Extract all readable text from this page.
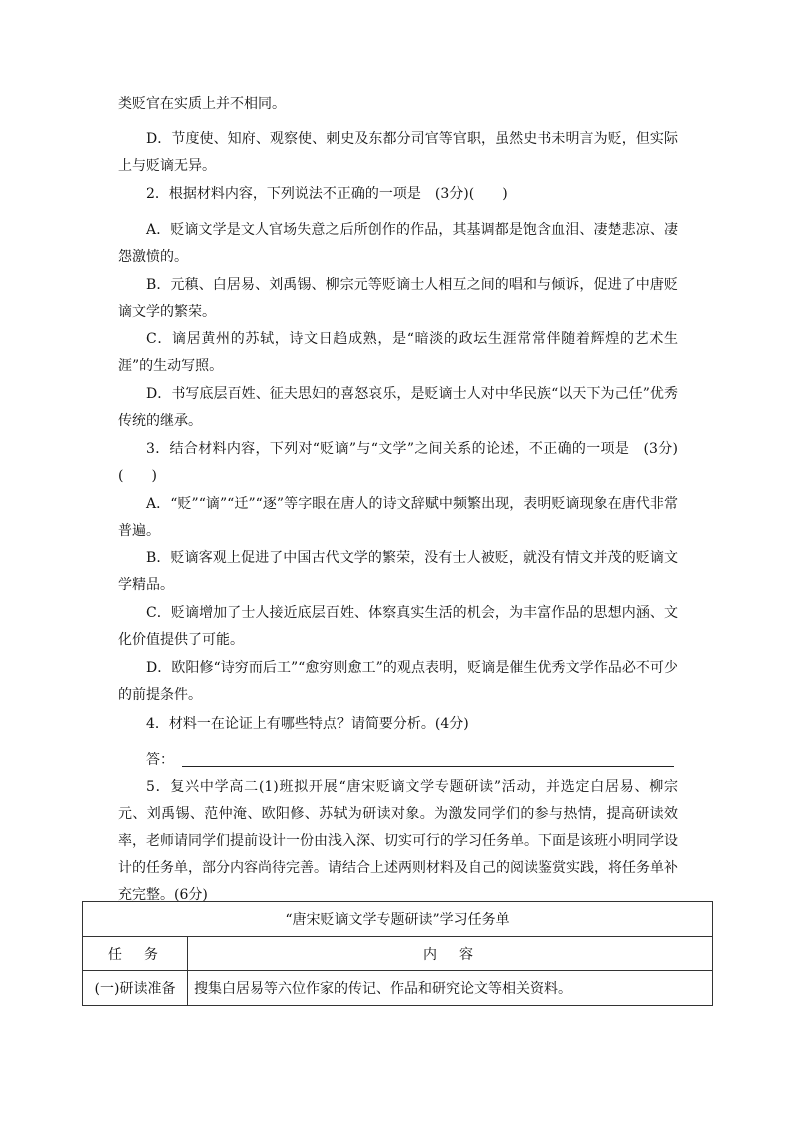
类贬官在实质上并不相同。

D．节度使、知府、观察使、刺史及东都分司官等官职，虽然史书未明言为贬，但实际上与贬谪无异。

2．根据材料内容，下列说法不正确的一项是　(3分)(　　)

A．贬谪文学是文人官场失意之后所创作的作品，其基调都是饱含血泪、凄楚悲凉、凄怨激愤的。

B．元稹、白居易、刘禹锡、柳宗元等贬谪士人相互之间的唱和与倾诉，促进了中唐贬谪文学的繁荣。

C．谪居黄州的苏轼，诗文日趋成熟，是“暗淡的政坛生涯常常伴随着辉煌的艺术生涯”的生动写照。

D．书写底层百姓、征夫思妇的喜怒哀乐，是贬谪士人对中华民族“以天下为己任”优秀传统的继承。

3．结合材料内容，下列对“贬谪”与“文学”之间关系的论述，不正确的一项是　(3分)(　　)

A．“贬”“谪”“迁”“逐”等字眼在唐人的诗文辞赋中频繁出现，表明贬谪现象在唐代非常普遍。

B．贬谪客观上促进了中国古代文学的繁荣，没有士人被贬，就没有情文并茂的贬谪文学精品。

C．贬谪增加了士人接近底层百姓、体察真实生活的机会，为丰富作品的思想内涵、文化价值提供了可能。

D．欧阳修“诗穷而后工”“愈穷则愈工”的观点表明，贬谪是催生优秀文学作品必不可少的前提条件。

4．材料一在论证上有哪些特点？请简要分析。(4分)

答：

5．复兴中学高二(1)班拟开展“唐宋贬谪文学专题研读”活动，并选定白居易、柳宗元、刘禹锡、范仲淹、欧阳修、苏轼为研读对象。为激发同学们的参与热情，提高研读效率，老师请同学们提前设计一份由浅入深、切实可行的学习任务单。下面是该班小明同学设计的任务单，部分内容尚待完善。请结合上述两则材料及自己的阅读鉴赏实践，将任务单补充完整。(6分)

“唐宋贬谪文学专题研读”学习任务单	
任　务	内　容
(一)研读准备	搜集白居易等六位作家的传记、作品和研究论文等相关资料。
